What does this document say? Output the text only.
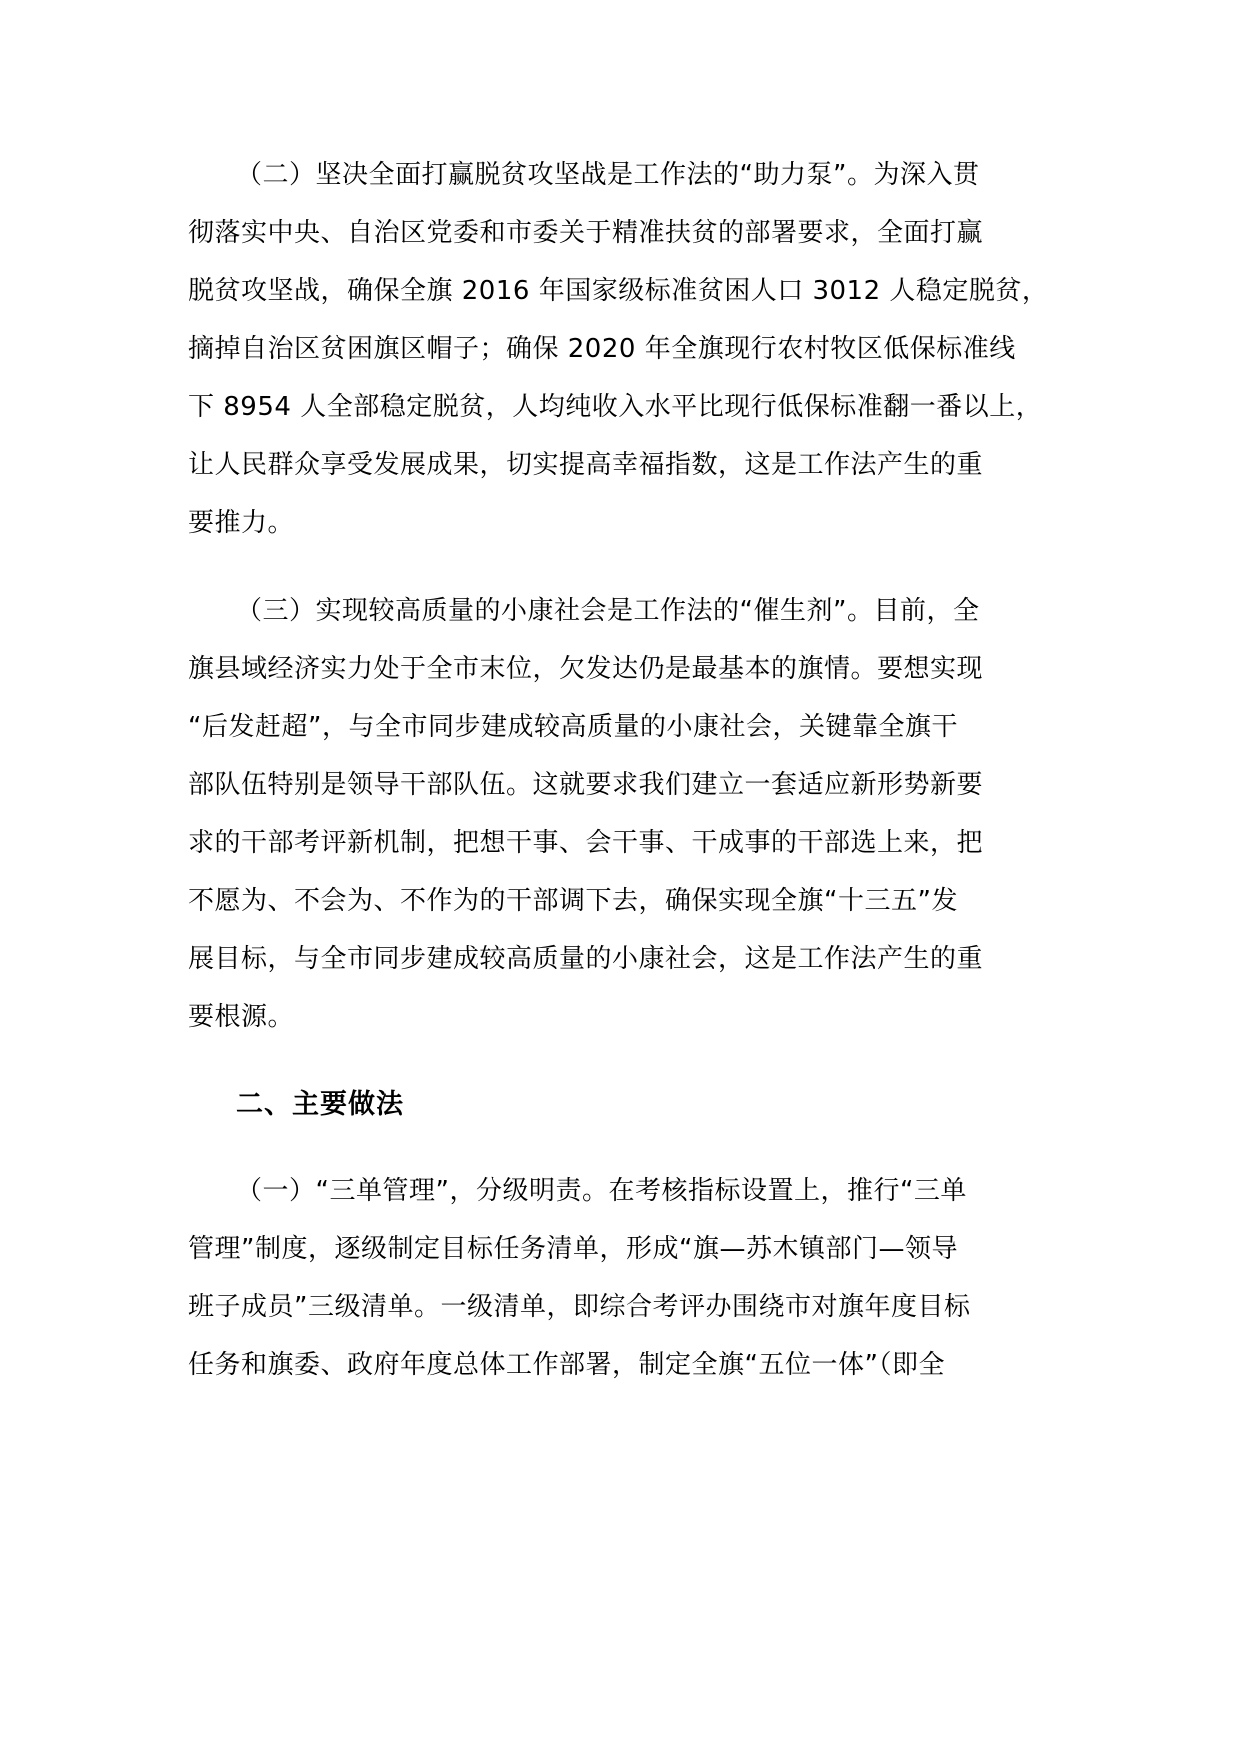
（二）坚决全面打赢脱贫攻坚战是工作法的“助力泵”。为深入贯
彻落实中央、自治区党委和市委关于精准扶贫的部署要求，全面打赢
脱贫攻坚战，确保全旗 2016 年国家级标准贫困人口 3012 人稳定脱贫，
摘掉自治区贫困旗区帽子；确保 2020 年全旗现行农村牧区低保标准线
下 8954 人全部稳定脱贫，人均纯收入水平比现行低保标准翻一番以上，
让人民群众享受发展成果，切实提高幸福指数，这是工作法产生的重
要推力。
（三）实现较高质量的小康社会是工作法的“催生剂”。目前，全
旗县域经济实力处于全市末位，欠发达仍是最基本的旗情。要想实现
“后发赶超”，与全市同步建成较高质量的小康社会，关键靠全旗干
部队伍特别是领导干部队伍。这就要求我们建立一套适应新形势新要
求的干部考评新机制，把想干事、会干事、干成事的干部选上来，把
不愿为、不会为、不作为的干部调下去，确保实现全旗“十三五”发
展目标，与全市同步建成较高质量的小康社会，这是工作法产生的重
要根源。
二、主要做法
（一）“三单管理”，分级明责。在考核指标设置上，推行“三单
管理”制度，逐级制定目标任务清单，形成“旗—苏木镇部门—领导
班子成员”三级清单。一级清单，即综合考评办围绕市对旗年度目标
任务和旗委、政府年度总体工作部署，制定全旗“五位一体”（即全
